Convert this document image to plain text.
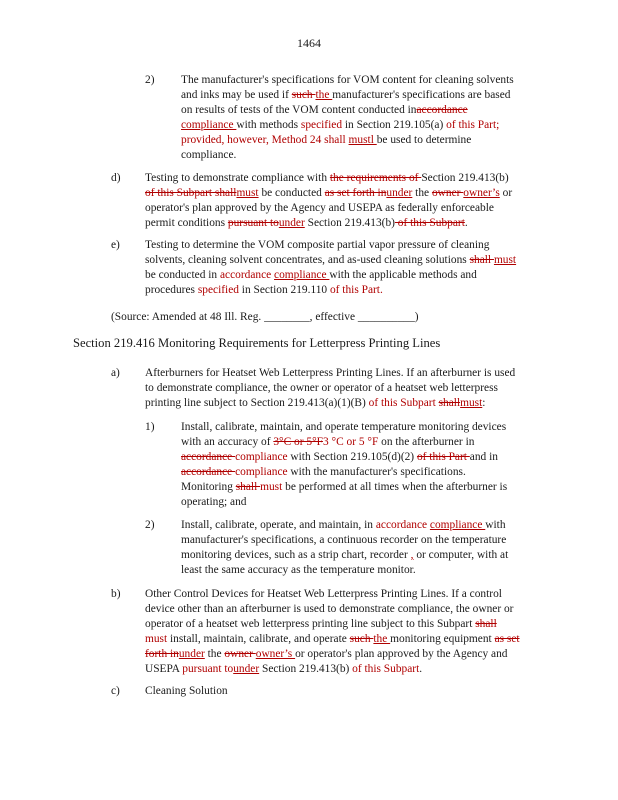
1464
2) The manufacturer's specifications for VOM content for cleaning solvents
and inks may be used if such the manufacturer's specifications are based
on results of tests of the VOM content conducted inaccordance
compliance with methods specified in Section 219.105(a) of this Part;
provided, however, Method 24 shall mustl be used to determine
compliance.
d) Testing to demonstrate compliance with the requirements of Section 219.413(b)
of this Subpart shallmust be conducted as set forth inunder the owner owner’s or
operator's plan approved by the Agency and USEPA as federally enforceable
permit conditions pursuant tounder Section 219.413(b) of this Subpart.
e) Testing to determine the VOM composite partial vapor pressure of cleaning
solvents, cleaning solvent concentrates, and as-used cleaning solutions shall must
be conducted in accordance compliance with the applicable methods and
procedures specified in Section 219.110 of this Part.
(Source: Amended at 48 Ill. Reg. ________, effective __________)
Section 219.416 Monitoring Requirements for Letterpress Printing Lines
a) Afterburners for Heatset Web Letterpress Printing Lines. If an afterburner is used
to demonstrate compliance, the owner or operator of a heatset web letterpress
printing line subject to Section 219.413(a)(1)(B) of this Subpart shallmust:
1) Install, calibrate, maintain, and operate temperature monitoring devices
with an accuracy of 3°C or 5°F3 °C or 5 °F on the afterburner in
accordance compliance with Section 219.105(d)(2) of this Part and in
accordance compliance with the manufacturer's specifications.
Monitoring shall must be performed at all times when the afterburner is
operating; and
2) Install, calibrate, operate, and maintain, in accordance compliance with
manufacturer's specifications, a continuous recorder on the temperature
monitoring devices, such as a strip chart, recorder , or computer, with at
least the same accuracy as the temperature monitor.
b) Other Control Devices for Heatset Web Letterpress Printing Lines. If a control
device other than an afterburner is used to demonstrate compliance, the owner or
operator of a heatset web letterpress printing line subject to this Subpart shall
must install, maintain, calibrate, and operate such the monitoring equipment as set
forth inunder the owner owner’s or operator's plan approved by the Agency and
USEPA pursuant tounder Section 219.413(b) of this Subpart.
c) Cleaning Solution
